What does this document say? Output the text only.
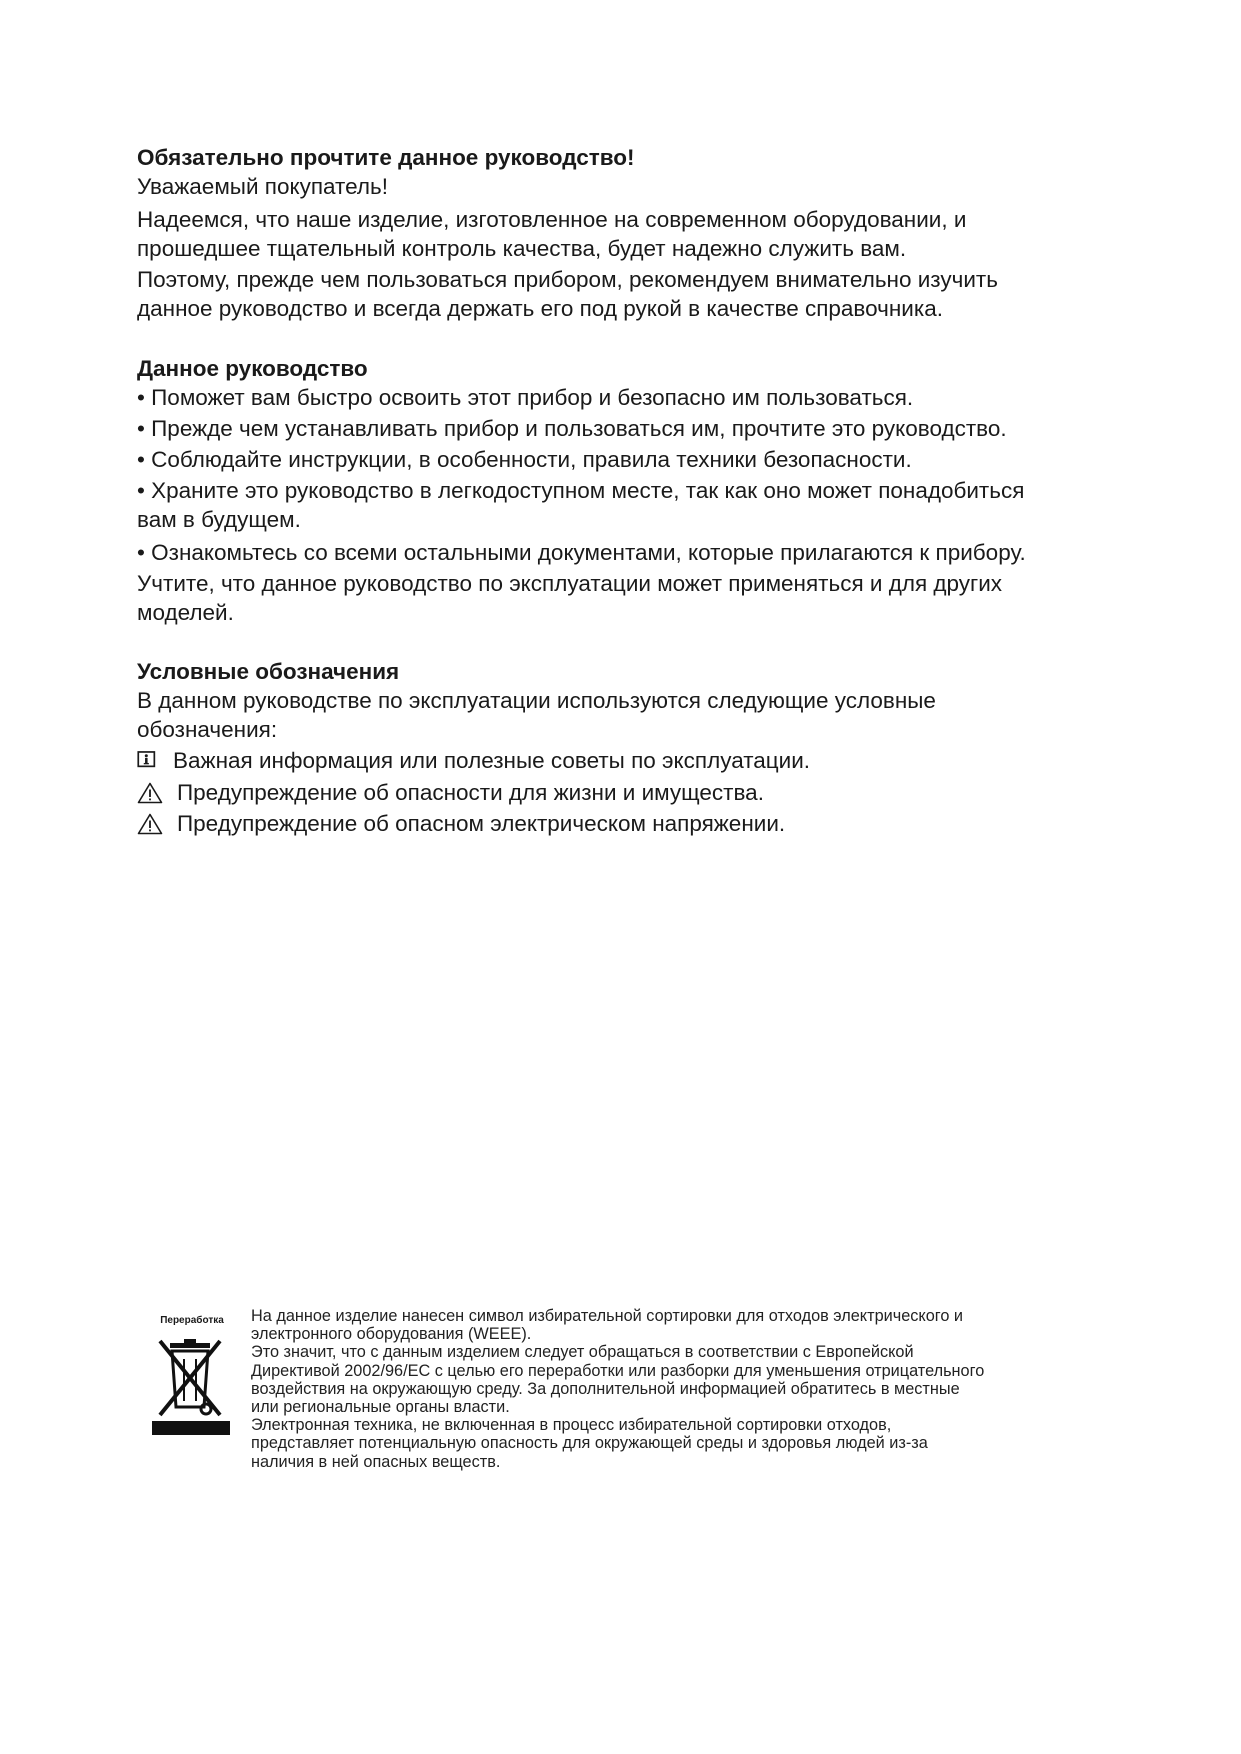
Обязательно прочтите данное руководство!

Уважаемый покупатель!

Надеемся, что наше изделие, изготовленное на современном оборудовании, и

прошедшее тщательный контроль качества, будет надежно служить вам.

Поэтому, прежде чем пользоваться прибором, рекомендуем внимательно изучить

данное руководство и всегда держать его под рукой в качестве справочника.

Данное руководство

• Поможет вам быстро освоить этот прибор и безопасно им пользоваться.

• Прежде чем устанавливать прибор и пользоваться им, прочтите это руководство.

• Соблюдайте инструкции, в особенности, правила техники безопасности.

• Храните это руководство в легкодоступном месте, так как оно может понадобиться

вам в будущем.

• Ознакомьтесь со всеми остальными документами, которые прилагаются к прибору.

Учтите, что данное руководство по эксплуатации может применяться и для других

моделей.

Условные обозначения

В данном руководстве по эксплуатации используются следующие условные

обозначения:

Важная информация или полезные советы по эксплуатации.
Предупреждение об опасности для жизни и имущества.
Предупреждение об опасном электрическом напряжении.
Переработка	На данное изделие нанесен символ избирательной сортировки для отходов электрического и

электронного оборудования (WEEE).

Это значит, что с данным изделием следует обращаться в соответствии с Европейской

Директивой 2002/96/ЕС с целью его переработки или разборки для уменьшения отрицательного

воздействия на окружающую среду. За дополнительной информацией обратитесь в местные

или региональные органы власти.

Электронная техника, не включенная в процесс избирательной сортировки отходов,

представляет потенциальную опасность для окружающей среды и здоровья людей из-за

наличия в ней опасных веществ.
